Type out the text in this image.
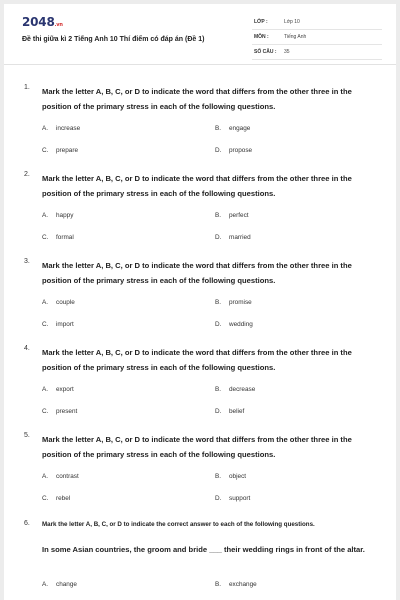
2048.vn
Đề thi giữa kì 2 Tiếng Anh 10 Thí điểm có đáp án (Đề 1)
LỚP :	Lớp 10
MÔN :	Tiếng Anh
SỐ CÂU : 35
1. Mark the letter A, B, C, or D to indicate the word that differs from the other three in the position of the primary stress in each of the following questions.
A. increase	B. engage
C. prepare	D. propose
2. Mark the letter A, B, C, or D to indicate the word that differs from the other three in the position of the primary stress in each of the following questions.
A. happy	B. perfect
C. formal	D. married
3. Mark the letter A, B, C, or D to indicate the word that differs from the other three in the position of the primary stress in each of the following questions.
A. couple	B. promise
C. import	D. wedding
4. Mark the letter A, B, C, or D to indicate the word that differs from the other three in the position of the primary stress in each of the following questions.
A. export	B. decrease
C. present	D. belief
5. Mark the letter A, B, C, or D to indicate the word that differs from the other three in the position of the primary stress in each of the following questions.
A. contrast	B. object
C. rebel	D. support
6. Mark the letter A, B, C, or D to indicate the correct answer to each of the following questions.
In some Asian countries, the groom and bride ___ their wedding rings in front of the altar.
A. change	B. exchange
